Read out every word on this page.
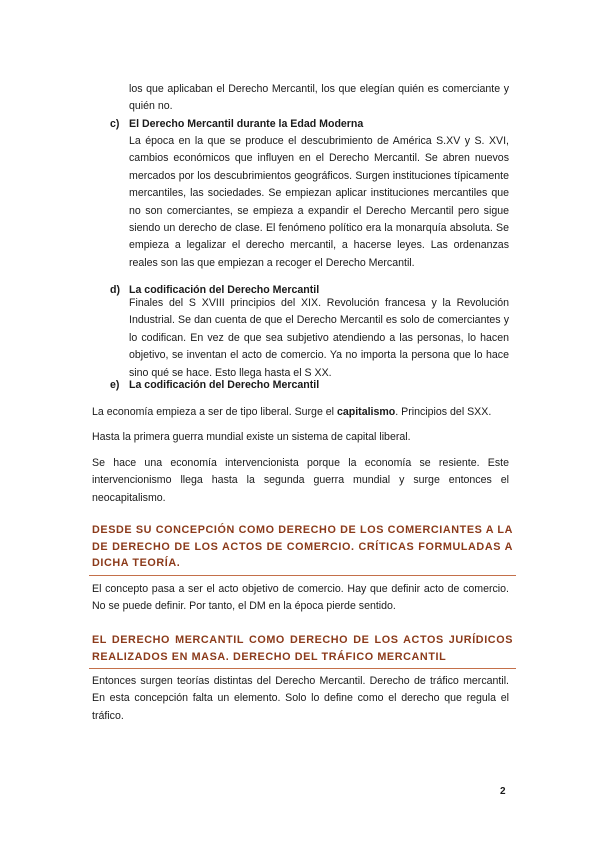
los que aplicaban el Derecho Mercantil, los que elegían quién es comerciante y quién no.
c) El Derecho Mercantil durante la Edad Moderna
La época en la que se produce el descubrimiento de América S.XV y S. XVI, cambios económicos que influyen en el Derecho Mercantil. Se abren nuevos mercados por los descubrimientos geográficos. Surgen instituciones típicamente mercantiles, las sociedades. Se empiezan aplicar instituciones mercantiles que no son comerciantes, se empieza a expandir el Derecho Mercantil pero sigue siendo un derecho de clase. El fenómeno político era la monarquía absoluta. Se empieza a legalizar el derecho mercantil, a hacerse leyes. Las ordenanzas reales son las que empiezan a recoger el Derecho Mercantil.
d) La codificación del Derecho Mercantil
Finales del S XVIII principios del XIX. Revolución francesa y la Revolución Industrial. Se dan cuenta de que el Derecho Mercantil es solo de comerciantes y lo codifican. En vez de que sea subjetivo atendiendo a las personas, lo hacen objetivo, se inventan el acto de comercio. Ya no importa la persona que lo hace sino qué se hace. Esto llega hasta el S XX.
e) La codificación del Derecho Mercantil
La economía empieza a ser de tipo liberal. Surge el capitalismo. Principios del SXX.
Hasta la primera guerra mundial existe un sistema de capital liberal.
Se hace una economía intervencionista porque la economía se resiente. Este intervencionismo llega hasta la segunda guerra mundial y surge entonces el neocapitalismo.
DESDE SU CONCEPCIÓN COMO DERECHO DE LOS COMERCIANTES A LA DE DERECHO DE LOS ACTOS DE COMERCIO. CRÍTICAS FORMULADAS A DICHA TEORÍA.
El concepto pasa a ser el acto objetivo de comercio. Hay que definir acto de comercio. No se puede definir. Por tanto, el DM en la época pierde sentido.
EL DERECHO MERCANTIL COMO DERECHO DE LOS ACTOS JURÍDICOS REALIZADOS EN MASA. DERECHO DEL TRÁFICO MERCANTIL
Entonces surgen teorías distintas del Derecho Mercantil. Derecho de tráfico mercantil. En esta concepción falta un elemento. Solo lo define como el derecho que regula el tráfico.
2
